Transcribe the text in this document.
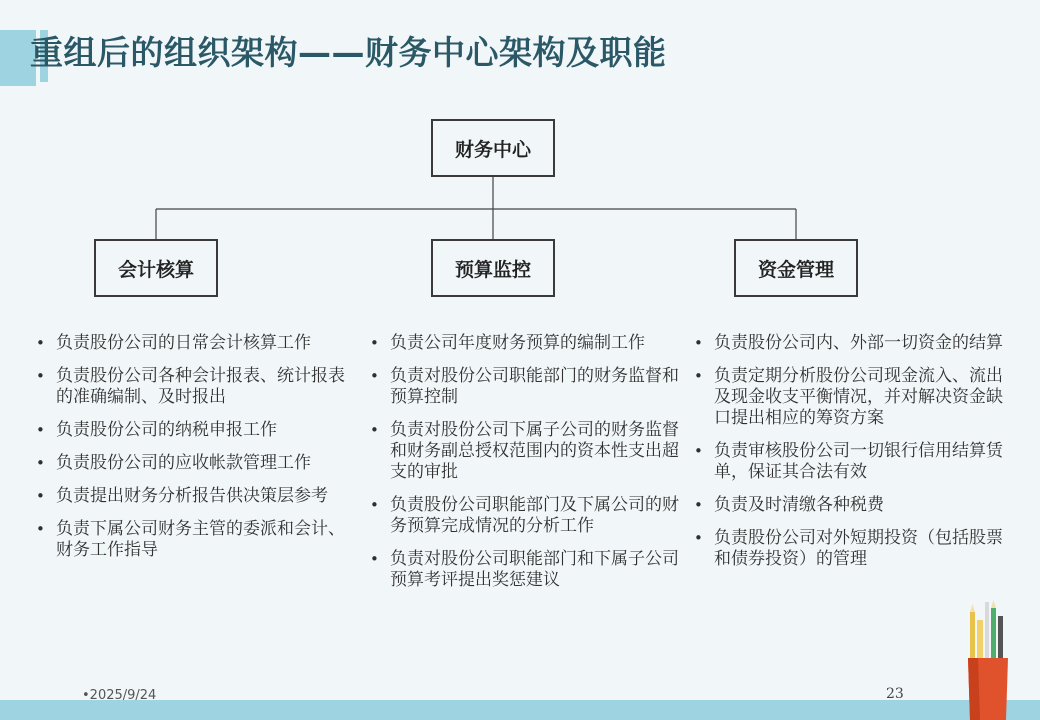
重组后的组织架构——财务中心架构及职能
财务中心
会计核算	预算监控	资金管理
• 负责股份公司的日常会计核算工作
• 负责股份公司各种会计报表、统计报表的准确编制、及时报出
• 负责股份公司的纳税申报工作
• 负责股份公司的应收帐款管理工作
• 负责提出财务分析报告供决策层参考
• 负责下属公司财务主管的委派和会计、财务工作指导
• 负责公司年度财务预算的编制工作
• 负责对股份公司职能部门的财务监督和预算控制
• 负责对股份公司下属子公司的财务监督和财务副总授权范围内的资本性支出超支的审批
• 负责股份公司职能部门及下属公司的财务预算完成情况的分析工作
• 负责对股份公司职能部门和下属子公司预算考评提出奖惩建议
• 负责股份公司内、外部一切资金的结算
• 负责定期分析股份公司现金流入、流出及现金收支平衡情况，并对解决资金缺口提出相应的筹资方案
• 负责审核股份公司一切银行信用结算赁单，保证其合法有效
• 负责及时清缴各种税费
• 负责股份公司对外短期投资（包括股票和债券投资）的管理
•2025/9/24	23
